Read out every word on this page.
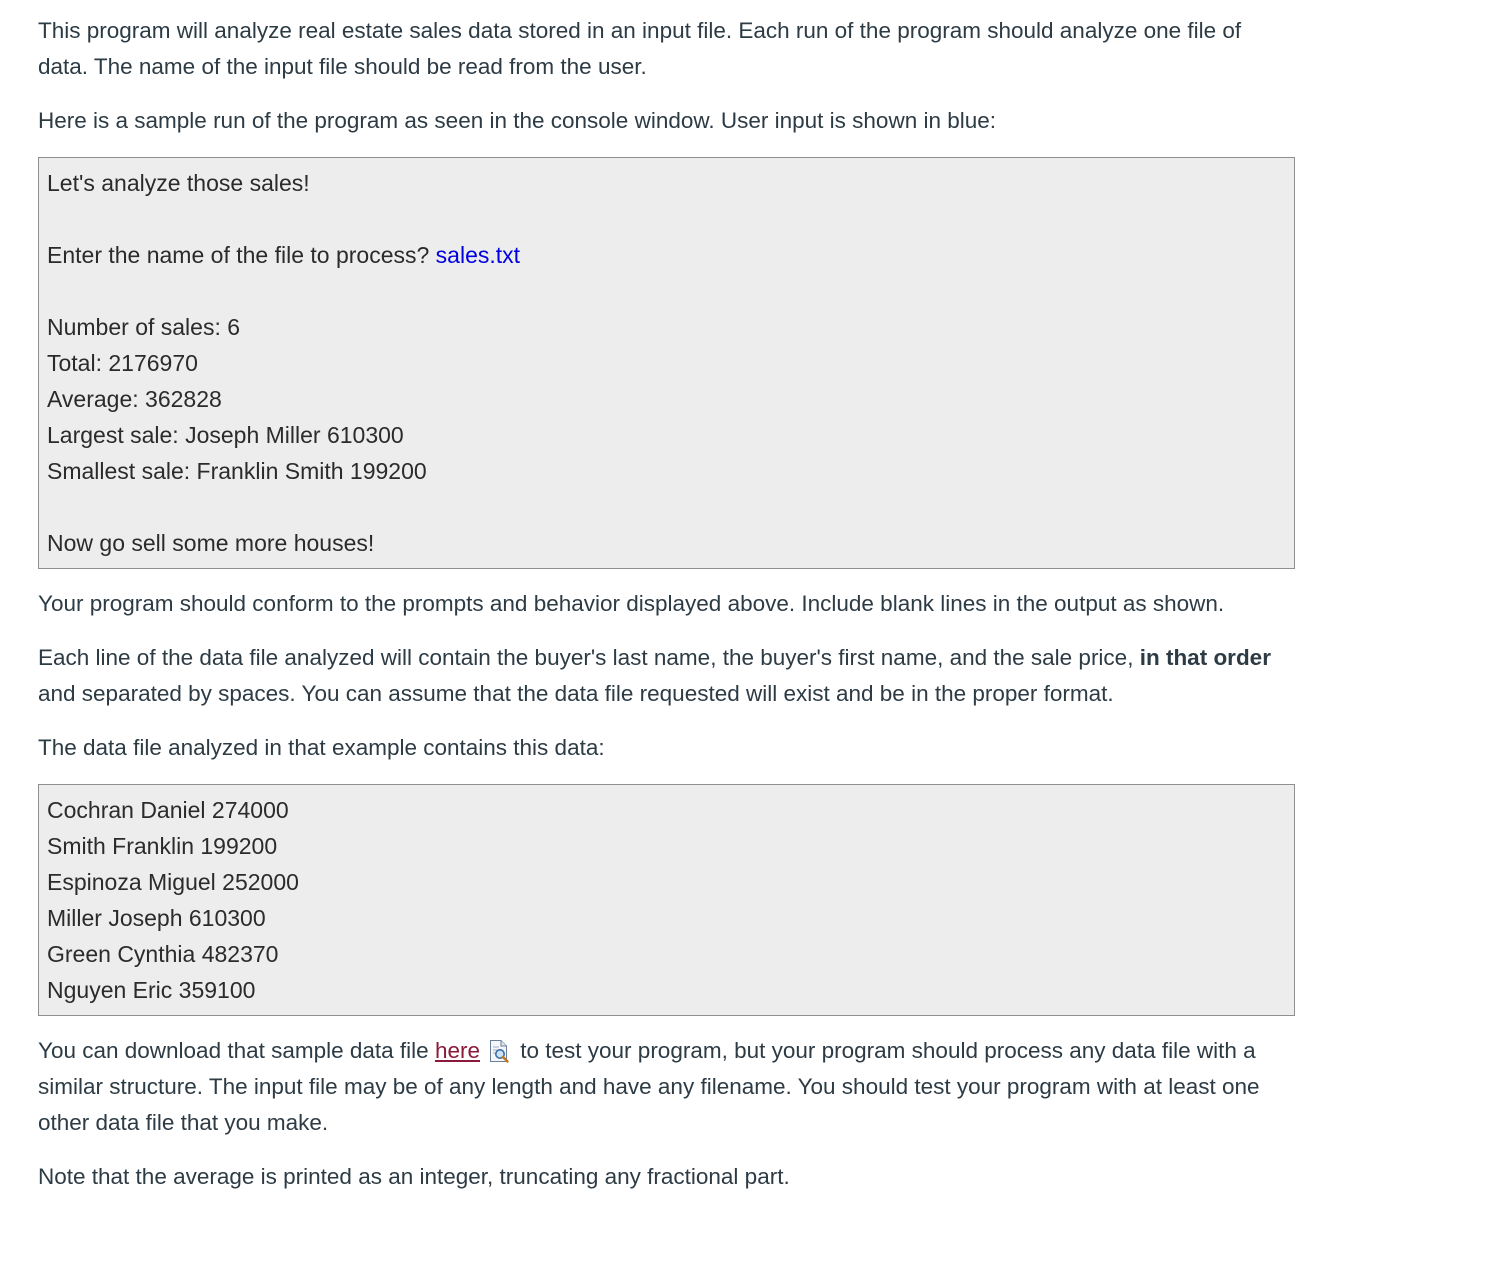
This program will analyze real estate sales data stored in an input file. Each run of the program should analyze one file of data. The name of the input file should be read from the user.

Here is a sample run of the program as seen in the console window. User input is shown in blue:

Let's analyze those sales!
Enter the name of the file to process? sales.txt
Number of sales: 6
Total: 2176970
Average: 362828
Largest sale: Joseph Miller 610300
Smallest sale: Franklin Smith 199200
Now go sell some more houses!

Your program should conform to the prompts and behavior displayed above. Include blank lines in the output as shown.

Each line of the data file analyzed will contain the buyer's last name, the buyer's first name, and the sale price, in that order and separated by spaces. You can assume that the data file requested will exist and be in the proper format.

The data file analyzed in that example contains this data:

Cochran Daniel 274000
Smith Franklin 199200
Espinoza Miguel 252000
Miller Joseph 610300
Green Cynthia 482370
Nguyen Eric 359100

You can download that sample data file here to test your program, but your program should process any data file with a similar structure. The input file may be of any length and have any filename. You should test your program with at least one other data file that you make.

Note that the average is printed as an integer, truncating any fractional part.
